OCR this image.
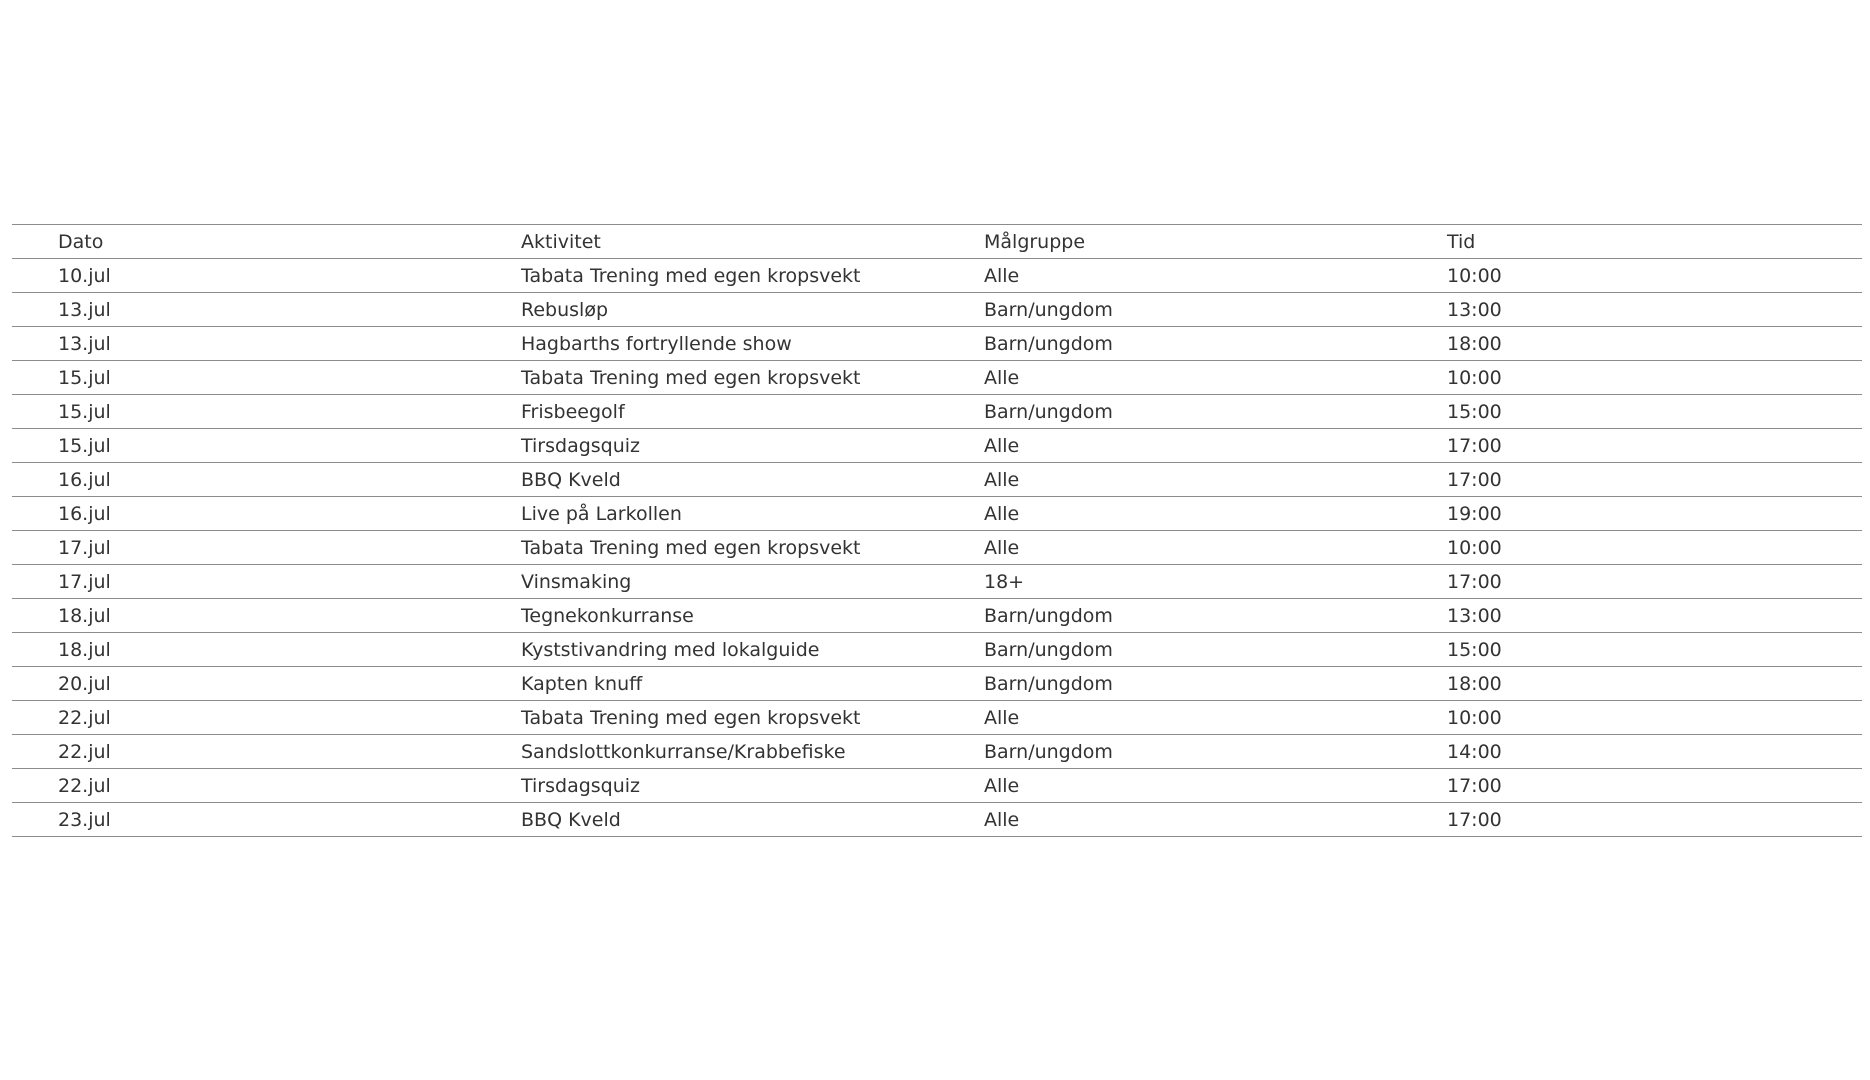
Dato	Aktivitet	Målgruppe	Tid
10.jul	Tabata Trening med egen kropsvekt	Alle	10:00
13.jul	Rebusløp	Barn/ungdom	13:00
13.jul	Hagbarths fortryllende show	Barn/ungdom	18:00
15.jul	Tabata Trening med egen kropsvekt	Alle	10:00
15.jul	Frisbeegolf	Barn/ungdom	15:00
15.jul	Tirsdagsquiz	Alle	17:00
16.jul	BBQ Kveld	Alle	17:00
16.jul	Live på Larkollen	Alle	19:00
17.jul	Tabata Trening med egen kropsvekt	Alle	10:00
17.jul	Vinsmaking	18+	17:00
18.jul	Tegnekonkurranse	Barn/ungdom	13:00
18.jul	Kyststivandring med lokalguide	Barn/ungdom	15:00
20.jul	Kapten knuff	Barn/ungdom	18:00
22.jul	Tabata Trening med egen kropsvekt	Alle	10:00
22.jul	Sandslottkonkurranse/Krabbefiske	Barn/ungdom	14:00
22.jul	Tirsdagsquiz	Alle	17:00
23.jul	BBQ Kveld	Alle	17:00
